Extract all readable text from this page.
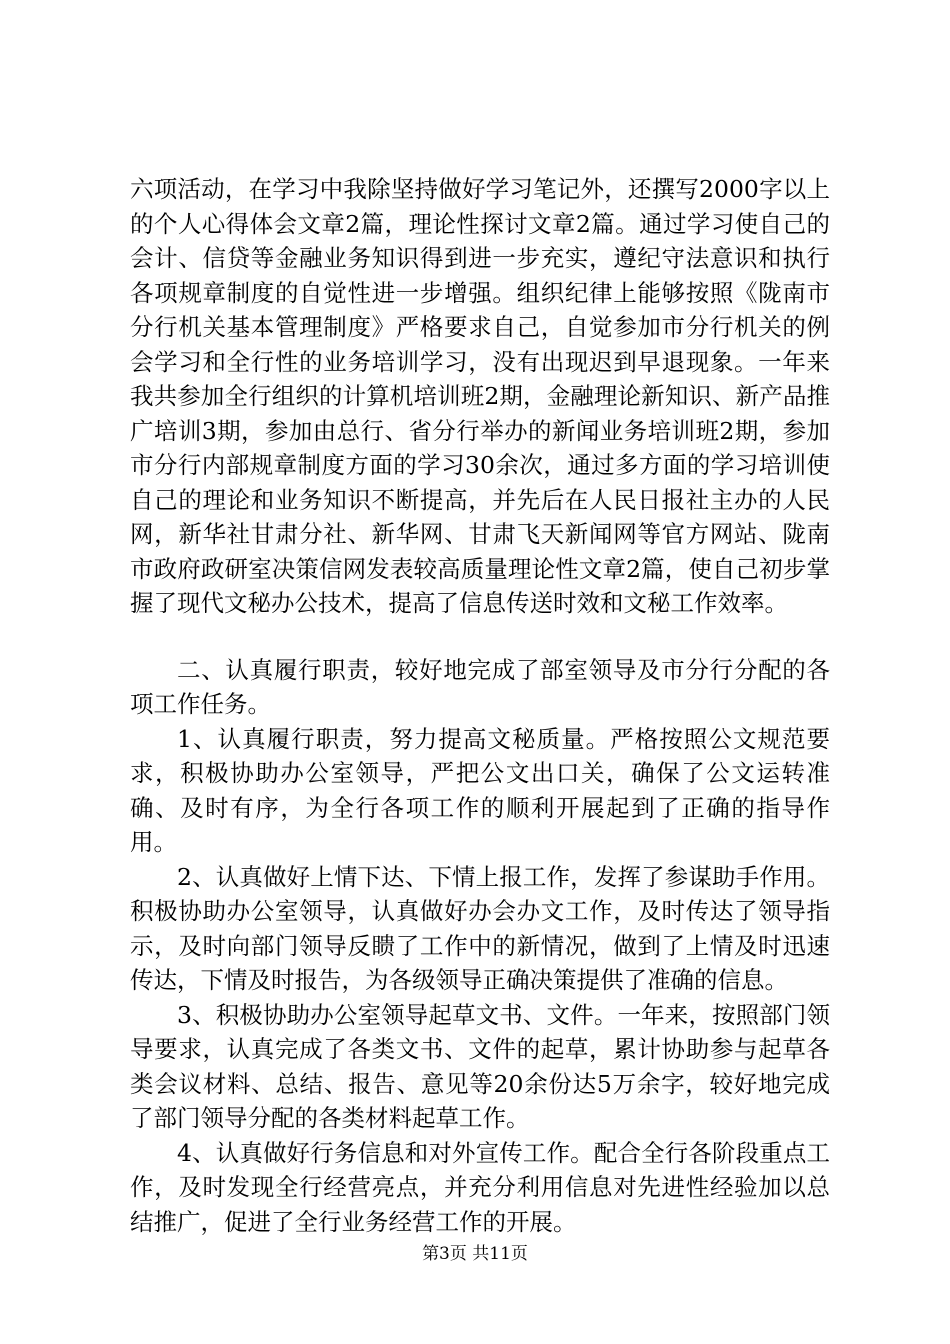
六项活动，在学习中我除坚持做好学习笔记外，还撰写2000字以上的个人心得体会文章2篇，理论性探讨文章2篇。通过学习使自己的会计、信贷等金融业务知识得到进一步充实，遵纪守法意识和执行各项规章制度的自觉性进一步增强。组织纪律上能够按照《陇南市分行机关基本管理制度》严格要求自己，自觉参加市分行机关的例会学习和全行性的业务培训学习，没有出现迟到早退现象。一年来我共参加全行组织的计算机培训班2期，金融理论新知识、新产品推广培训3期，参加由总行、省分行举办的新闻业务培训班2期，参加市分行内部规章制度方面的学习30余次，通过多方面的学习培训使自己的理论和业务知识不断提高，并先后在人民日报社主办的人民网，新华社甘肃分社、新华网、甘肃飞天新闻网等官方网站、陇南市政府政研室决策信网发表较高质量理论性文章2篇，使自己初步掌握了现代文秘办公技术，提高了信息传送时效和文秘工作效率。

二、认真履行职责，较好地完成了部室领导及市分行分配的各项工作任务。

1、认真履行职责，努力提高文秘质量。严格按照公文规范要求，积极协助办公室领导，严把公文出口关，确保了公文运转准确、及时有序，为全行各项工作的顺利开展起到了正确的指导作用。

2、认真做好上情下达、下情上报工作，发挥了参谋助手作用。积极协助办公室领导，认真做好办会办文工作，及时传达了领导指示，及时向部门领导反瞆了工作中的新情况，做到了上情及时迅速传达，下情及时报告，为各级领导正确决策提供了准确的信息。

3、积极协助办公室领导起草文书、文件。一年来，按照部门领导要求，认真完成了各类文书、文件的起草，累计协助参与起草各类会议材料、总结、报告、意见等20余份达5万余字，较好地完成了部门领导分配的各类材料起草工作。

4、认真做好行务信息和对外宣传工作。配合全行各阶段重点工作，及时发现全行经营亮点，并充分利用信息对先进性经验加以总结推广，促进了全行业务经营工作的开展。

第3页 共11页
